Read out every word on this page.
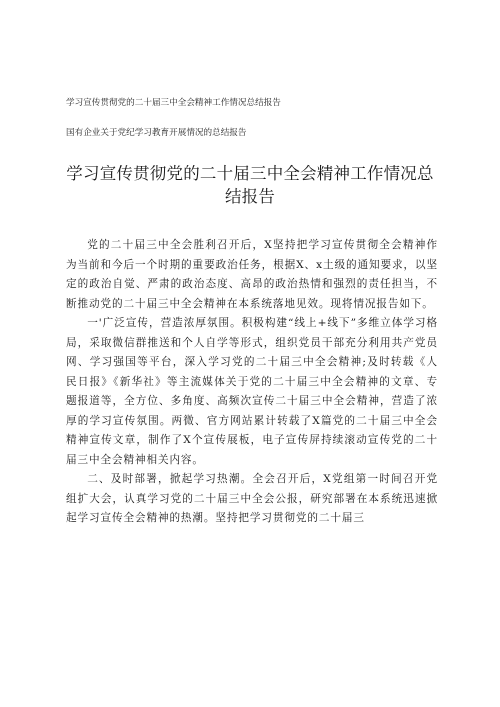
学习宣传贯彻党的二十届三中全会精神工作情况总结报告
国有企业关于党纪学习教育开展情况的总结报告
学习宣传贯彻党的二十届三中全会精神工作情况总结报告

党的二十届三中全会胜利召开后，X坚持把学习宣传贯彻全会精神作为当前和今后一个时期的重要政治任务，根据X、x土级的通知要求，以坚定的政治自觉、严肃的政治态度、高昂的政治热情和强烈的责任担当，不断推动党的二十届三中全会精神在本系统落地见效。现将情况报告如下。

一'广泛宣传，营造浓厚氛围。积极构建“线上+线下”多维立体学习格局，采取微信群推送和个人自学等形式，组织党员干部充分利用共产党员网、学习强国等平台，深入学习党的二十届三中全会精神;及时转载《人民日报》《新华社》等主流媒体关于党的二十届三中全会精神的文章、专题报道等，全方位、多角度、高频次宣传二十届三中全会精神，营造了浓厚的学习宣传氛围。两微、官方网站累计转载了X篇党的二十届三中全会精神宣传文章，制作了X个宣传展板，电子宣传屏持续滚动宣传党的二十届三中全会精神相关内容。

二、及时部署，掀起学习热潮。全会召开后，X党组第一时间召开党组扩大会，认真学习党的二十届三中全会公报，研究部署在本系统迅速掀起学习宣传全会精神的热潮。坚持把学习贯彻党的二十届三
